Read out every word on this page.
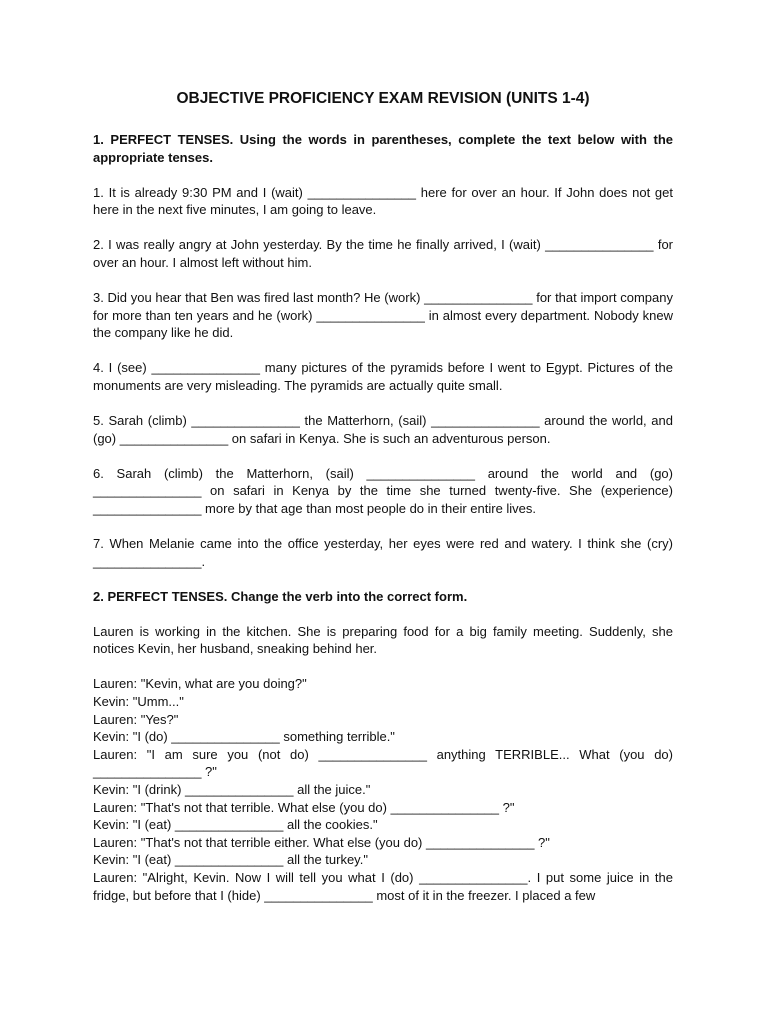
OBJECTIVE PROFICIENCY EXAM REVISION (UNITS 1-4)

1. PERFECT TENSES. Using the words in parentheses, complete the text below with the appropriate tenses.

1. It is already 9:30 PM and I (wait) _______________ here for over an hour. If John does not get here in the next five minutes, I am going to leave.

2. I was really angry at John yesterday. By the time he finally arrived, I (wait) _______________ for over an hour. I almost left without him.

3. Did you hear that Ben was fired last month? He (work) _______________ for that import company for more than ten years and he (work) _______________ in almost every department. Nobody knew the company like he did.

4. I (see) _______________ many pictures of the pyramids before I went to Egypt. Pictures of the monuments are very misleading. The pyramids are actually quite small.

5. Sarah (climb) _______________ the Matterhorn, (sail) _______________ around the world, and (go) _______________ on safari in Kenya. She is such an adventurous person.

6. Sarah (climb) the Matterhorn, (sail) _______________ around the world and (go) _______________ on safari in Kenya by the time she turned twenty-five. She (experience) _______________ more by that age than most people do in their entire lives.

7. When Melanie came into the office yesterday, her eyes were red and watery. I think she (cry) _______________.

2. PERFECT TENSES. Change the verb into the correct form.

Lauren is working in the kitchen. She is preparing food for a big family meeting. Suddenly, she notices Kevin, her husband, sneaking behind her.

Lauren: "Kevin, what are you doing?"

Kevin: "Umm..."

Lauren: "Yes?"

Kevin: "I (do) _______________ something terrible."

Lauren: "I am sure you (not do) _______________ anything TERRIBLE... What (you do) _______________ ?"

Kevin: "I (drink) _______________ all the juice."

Lauren: "That's not that terrible. What else (you do) _______________ ?"

Kevin: "I (eat) _______________ all the cookies."

Lauren: "That's not that terrible either. What else (you do) _______________ ?"

Kevin: "I (eat) _______________ all the turkey."

Lauren: "Alright, Kevin. Now I will tell you what I (do) _______________. I put some juice in the fridge, but before that I (hide) _______________ most of it in the freezer. I placed a few
